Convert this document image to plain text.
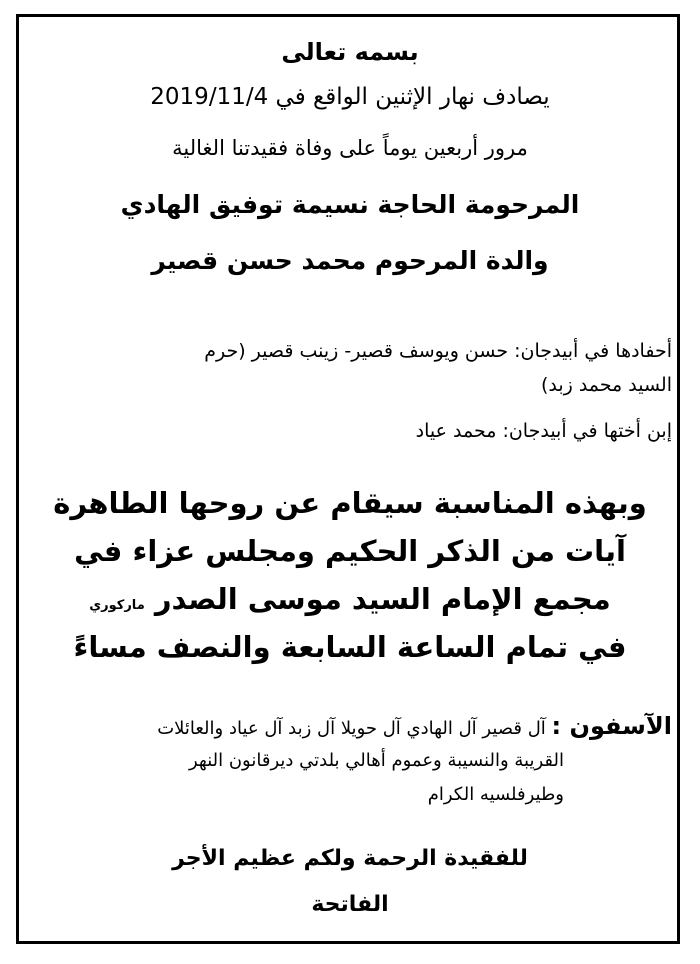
بسمه تعالى
يصادف نهار الإثنين الواقع في 2019/11/4
مرور أربعين يوماً على وفاة فقيدتنا الغالية
المرحومة الحاجة نسيمة توفيق الهادي
والدة المرحوم محمد حسن قصير
أحفادها في أبيدجان: حسن ويوسف قصير- زينب قصير (حرم
السيد محمد زبد)
إبن أختها في أبيدجان: محمد عياد
وبهذه المناسبة سيقام عن روحها الطاهرة
آيات من الذكر الحكيم ومجلس عزاء في
مجمع الإمام السيد موسى الصدر ماركوري
في تمام الساعة السابعة والنصف مساءً
الآسفون : آل قصير آل الهادي آل حويلا آل زبد آل عياد والعائلات
القريبة والنسيبة وعموم أهالي بلدتي ديرقانون النهر
وطيرفلسيه الكرام
للفقيدة الرحمة ولكم عظيم الأجر
الفاتحة
